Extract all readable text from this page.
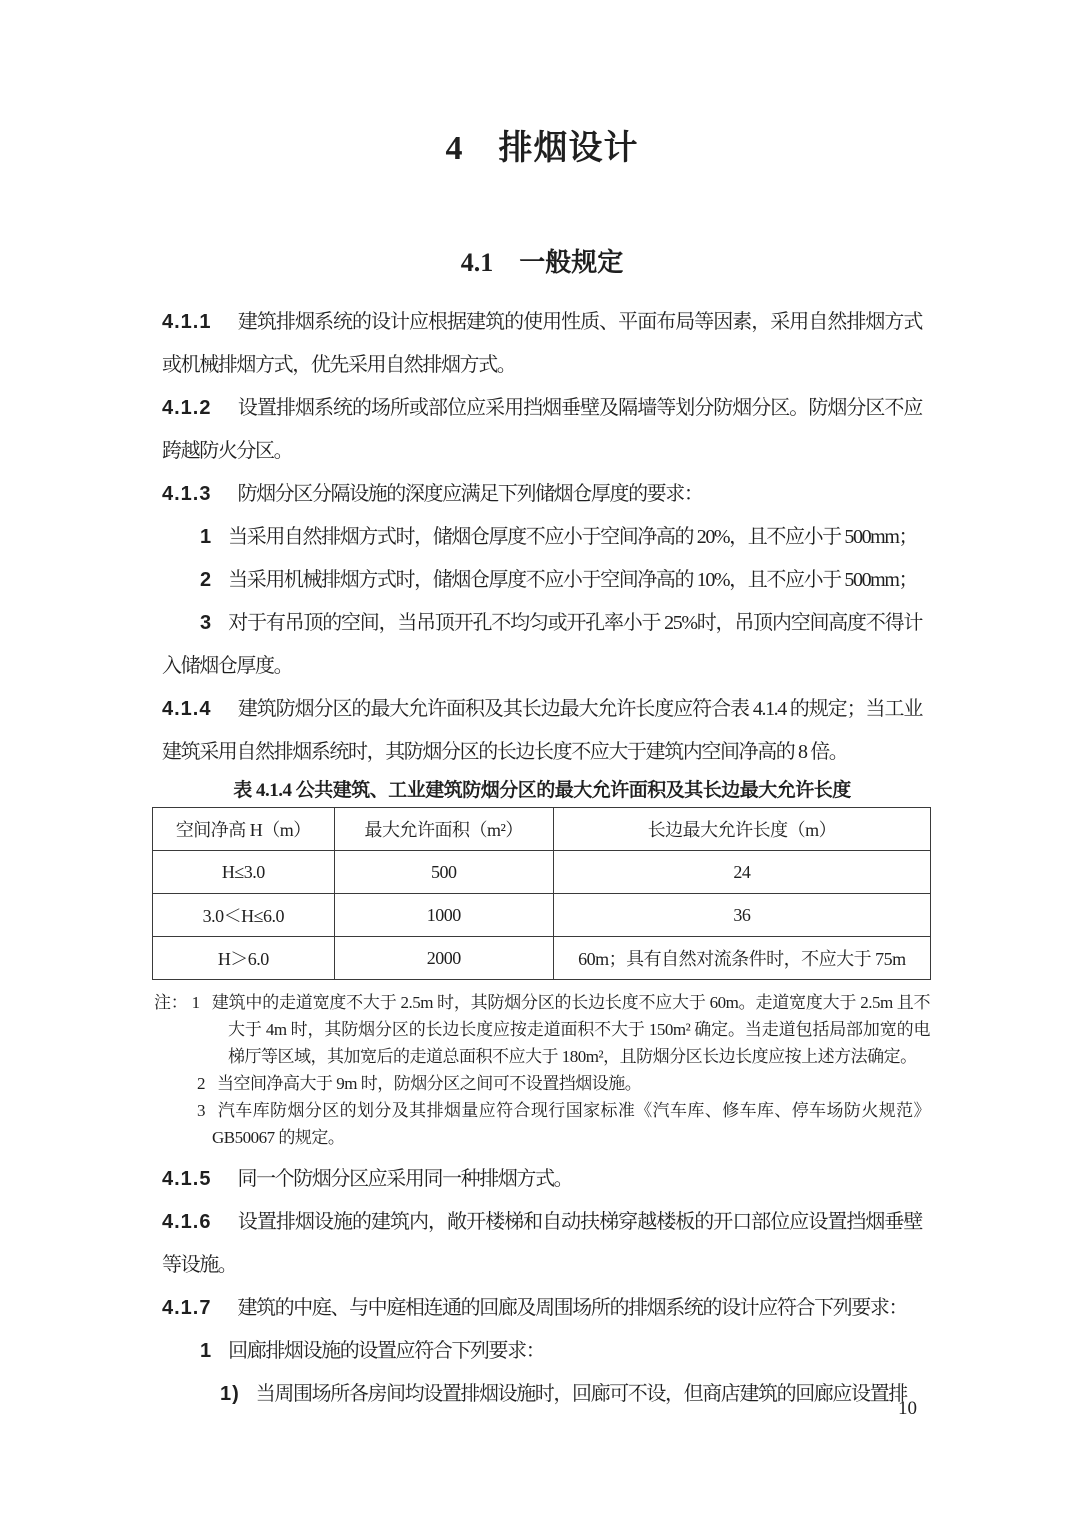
4　排烟设计
4.1　一般规定

4.1.1 建筑排烟系统的设计应根据建筑的使用性质、平面布局等因素，采用自然排烟方式或机械排烟方式，优先采用自然排烟方式。

4.1.2 设置排烟系统的场所或部位应采用挡烟垂壁及隔墙等划分防烟分区。防烟分区不应跨越防火分区。

4.1.3 防烟分区分隔设施的深度应满足下列储烟仓厚度的要求：

1 当采用自然排烟方式时，储烟仓厚度不应小于空间净高的 20%，且不应小于 500mm；

2 当采用机械排烟方式时，储烟仓厚度不应小于空间净高的 10%，且不应小于 500mm；

3 对于有吊顶的空间，当吊顶开孔不均匀或开孔率小于 25%时，吊顶内空间高度不得计入储烟仓厚度。

4.1.4 建筑防烟分区的最大允许面积及其长边最大允许长度应符合表 4.1.4 的规定；当工业建筑采用自然排烟系统时，其防烟分区的长边长度不应大于建筑内空间净高的 8 倍。

表 4.1.4 公共建筑、工业建筑防烟分区的最大允许面积及其长边最大允许长度
空间净高 H（m）	最大允许面积（m²）	长边最大允许长度（m）
H≤3.0	500	24
3.0＜H≤6.0	1000	36
H＞6.0	2000	60m；具有自然对流条件时，不应大于 75m
注： 1 建筑中的走道宽度不大于 2.5m 时，其防烟分区的长边长度不应大于 60m。走道宽度大于 2.5m 且不大于 4m 时，其防烟分区的长边长度应按走道面积不大于 150m² 确定。当走道包括局部加宽的电梯厅等区域，其加宽后的走道总面积不应大于 180m²，且防烟分区长边长度应按上述方法确定。
2 当空间净高大于 9m 时，防烟分区之间可不设置挡烟设施。
3 汽车库防烟分区的划分及其排烟量应符合现行国家标准《汽车库、修车库、停车场防火规范》GB50067 的规定。

4.1.5 同一个防烟分区应采用同一种排烟方式。

4.1.6 设置排烟设施的建筑内，敞开楼梯和自动扶梯穿越楼板的开口部位应设置挡烟垂壁等设施。

4.1.7 建筑的中庭、与中庭相连通的回廊及周围场所的排烟系统的设计应符合下列要求：

1 回廊排烟设施的设置应符合下列要求：

1) 当周围场所各房间均设置排烟设施时，回廊可不设，但商店建筑的回廊应设置排

10
